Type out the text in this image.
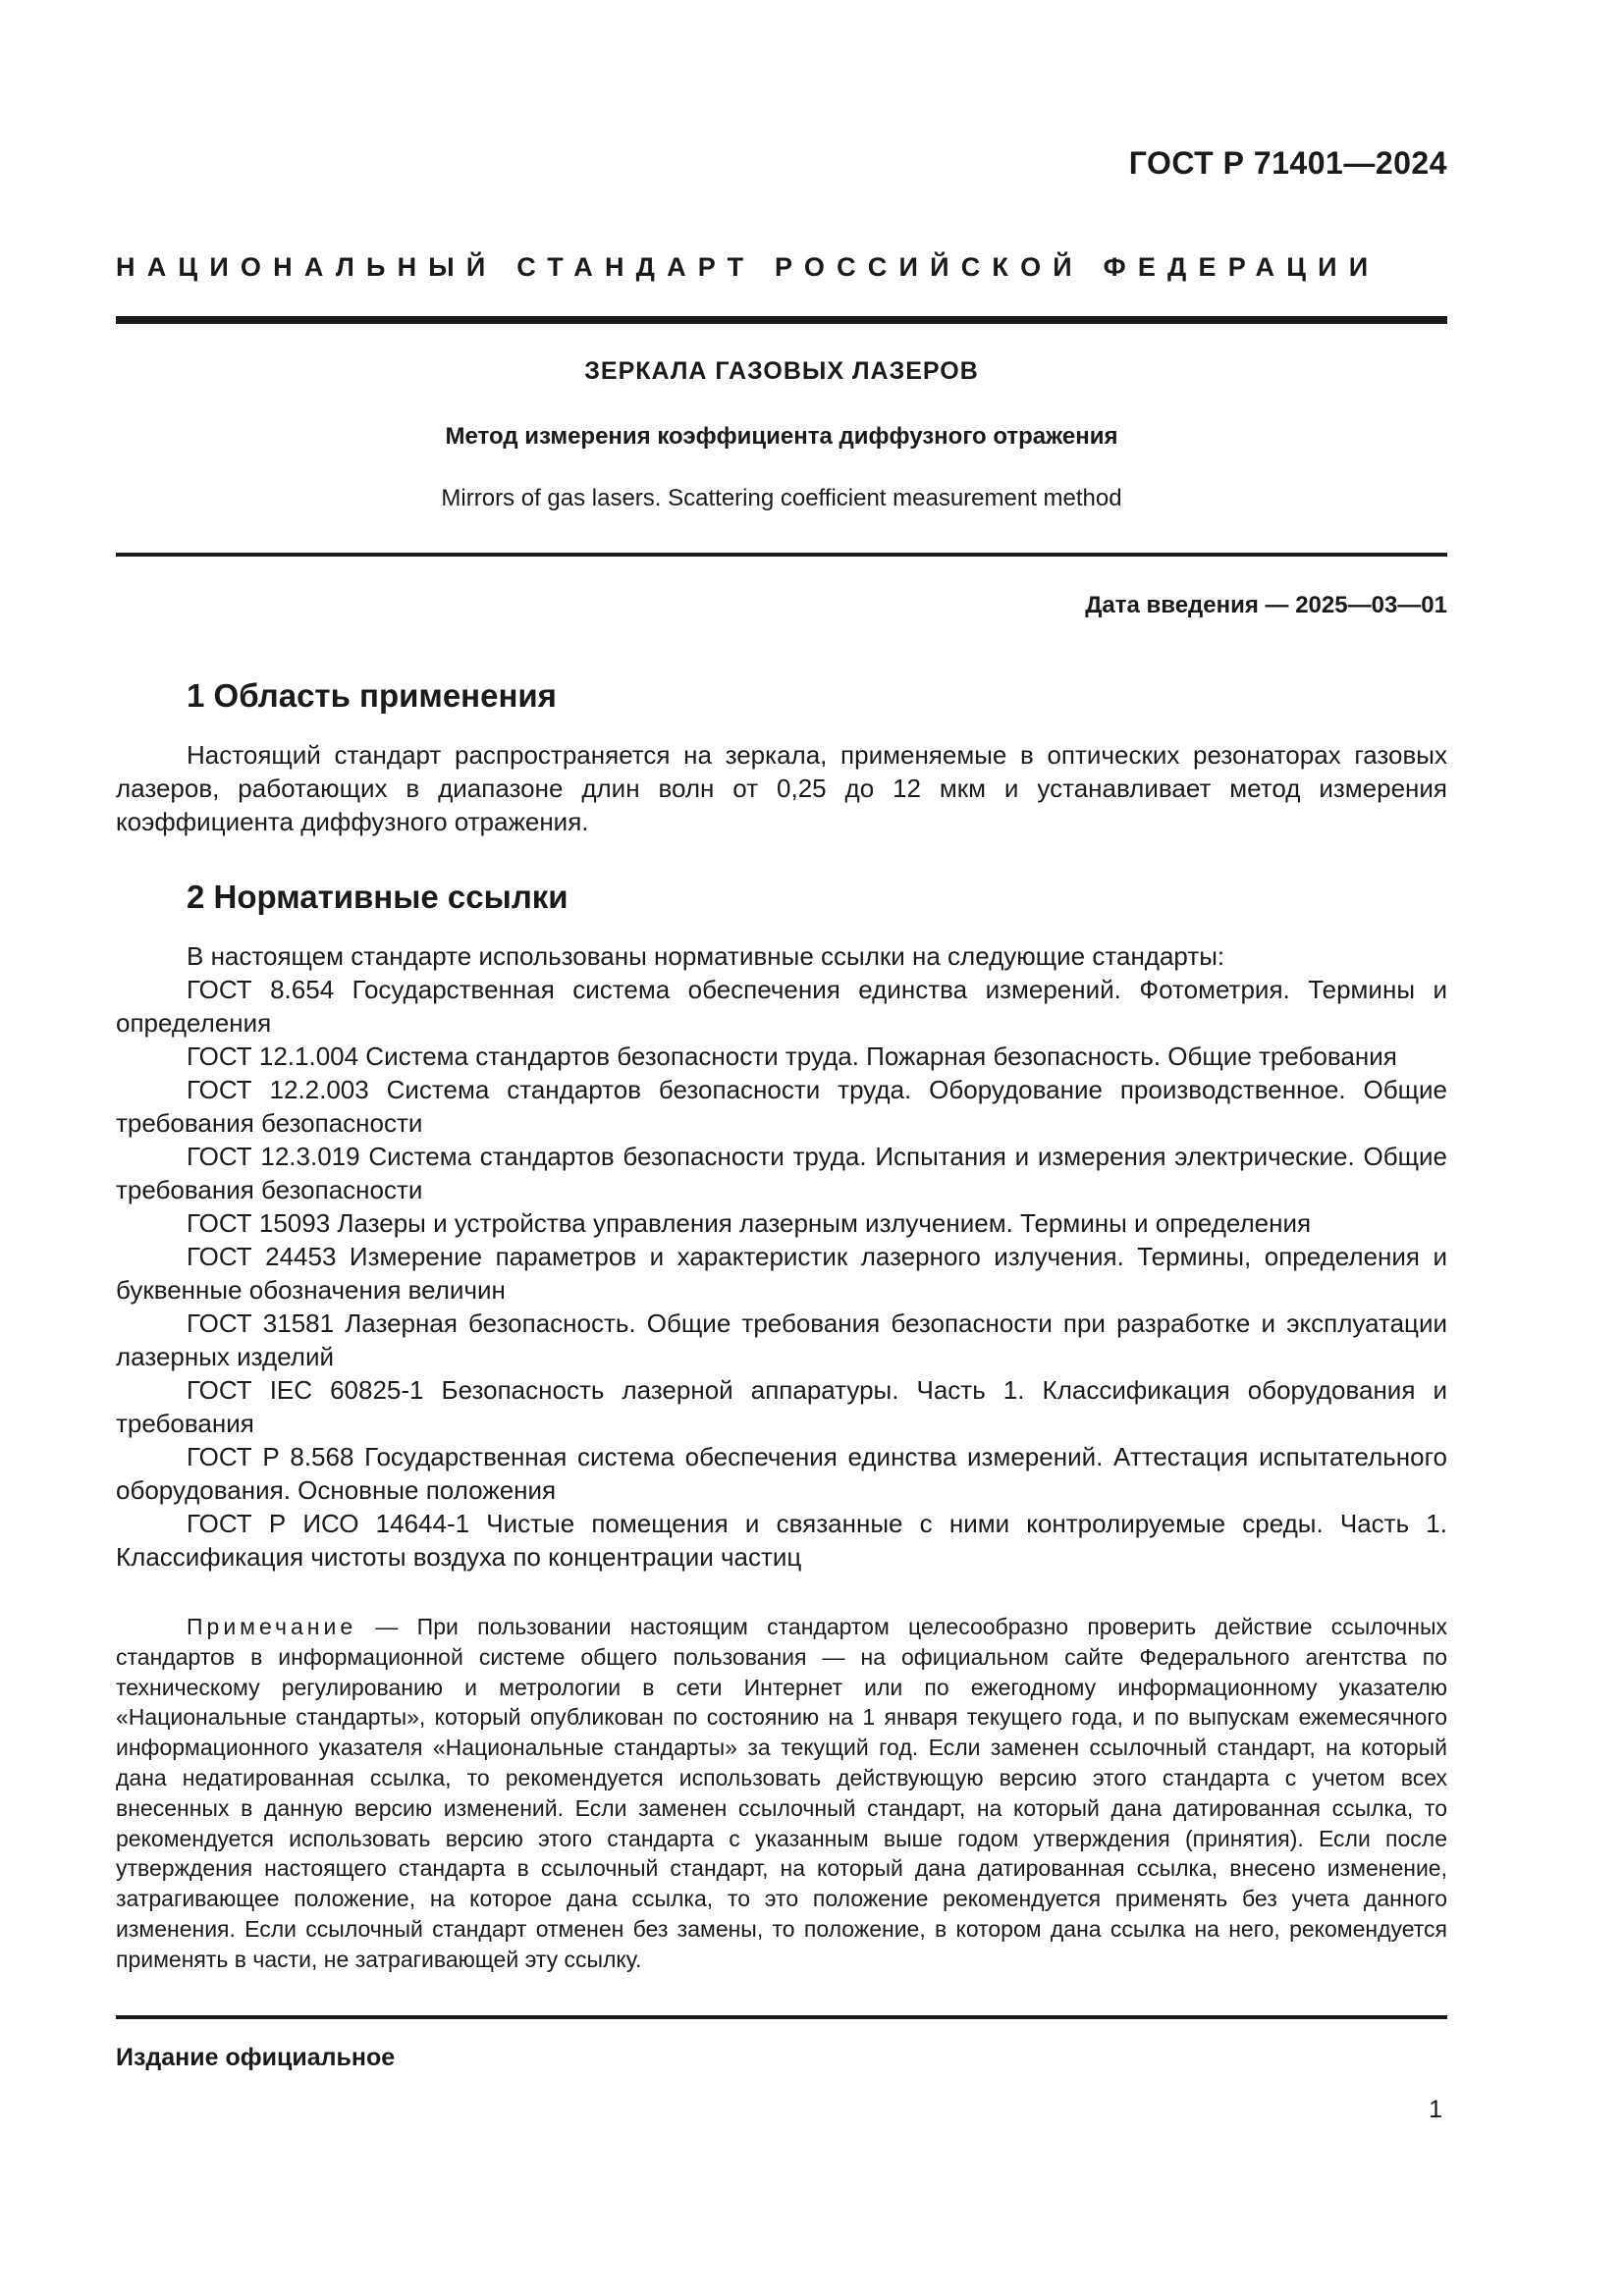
ГОСТ Р 71401—2024
НАЦИОНАЛЬНЫЙ СТАНДАРТ РОССИЙСКОЙ ФЕДЕРАЦИИ
ЗЕРКАЛА ГАЗОВЫХ ЛАЗЕРОВ
Метод измерения коэффициента диффузного отражения
Mirrors of gas lasers. Scattering coefficient measurement method
Дата введения — 2025—03—01
1 Область применения
Настоящий стандарт распространяется на зеркала, применяемые в оптических резонаторах газовых лазеров, работающих в диапазоне длин волн от 0,25 до 12 мкм и устанавливает метод измерения коэффициента диффузного отражения.
2 Нормативные ссылки

В настоящем стандарте использованы нормативные ссылки на следующие стандарты:

ГОСТ 8.654 Государственная система обеспечения единства измерений. Фотометрия. Термины и определения

ГОСТ 12.1.004 Система стандартов безопасности труда. Пожарная безопасность. Общие требования

ГОСТ 12.2.003 Система стандартов безопасности труда. Оборудование производственное. Общие требования безопасности

ГОСТ 12.3.019 Система стандартов безопасности труда. Испытания и измерения электрические. Общие требования безопасности

ГОСТ 15093 Лазеры и устройства управления лазерным излучением. Термины и определения

ГОСТ 24453 Измерение параметров и характеристик лазерного излучения. Термины, определения и буквенные обозначения величин

ГОСТ 31581 Лазерная безопасность. Общие требования безопасности при разработке и эксплуатации лазерных изделий

ГОСТ IEC 60825-1 Безопасность лазерной аппаратуры. Часть 1. Классификация оборудования и требования

ГОСТ Р 8.568 Государственная система обеспечения единства измерений. Аттестация испытательного оборудования. Основные положения

ГОСТ Р ИСО 14644-1 Чистые помещения и связанные с ними контролируемые среды. Часть 1. Классификация чистоты воздуха по концентрации частиц

Примечание — При пользовании настоящим стандартом целесообразно проверить действие ссылочных стандартов в информационной системе общего пользования — на официальном сайте Федерального агентства по техническому регулированию и метрологии в сети Интернет или по ежегодному информационному указателю «Национальные стандарты», который опубликован по состоянию на 1 января текущего года, и по выпускам ежемесячного информационного указателя «Национальные стандарты» за текущий год. Если заменен ссылочный стандарт, на который дана недатированная ссылка, то рекомендуется использовать действующую версию этого стандарта с учетом всех внесенных в данную версию изменений. Если заменен ссылочный стандарт, на который дана датированная ссылка, то рекомендуется использовать версию этого стандарта с указанным выше годом утверждения (принятия). Если после утверждения настоящего стандарта в ссылочный стандарт, на который дана датированная ссылка, внесено изменение, затрагивающее положение, на которое дана ссылка, то это положение рекомендуется применять без учета данного изменения. Если ссылочный стандарт отменен без замены, то положение, в котором дана ссылка на него, рекомендуется применять в части, не затрагивающей эту ссылку.

Издание официальное
1
